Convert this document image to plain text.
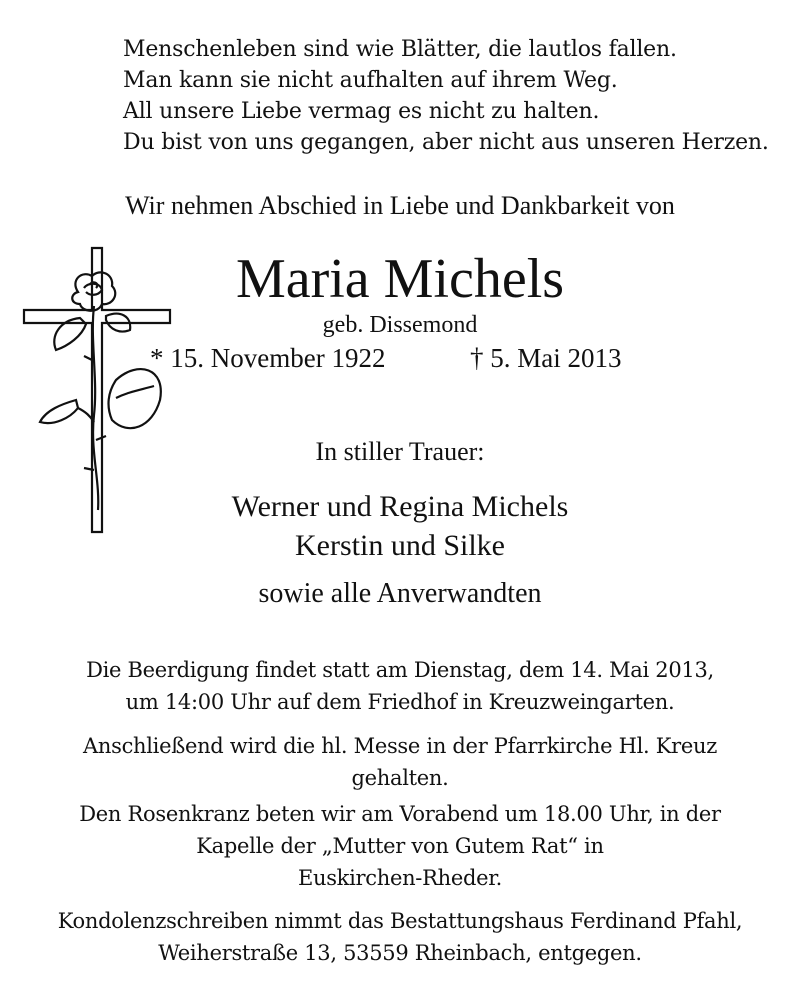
Menschenleben sind wie Blätter, die lautlos fallen.
Man kann sie nicht aufhalten auf ihrem Weg.
All unsere Liebe vermag es nicht zu halten.
Du bist von uns gegangen, aber nicht aus unseren Herzen.
Wir nehmen Abschied in Liebe und Dankbarkeit von
Maria Michels
geb. Dissemond
* 15. November 1922	† 5. Mai 2013
In stiller Trauer:
Werner und Regina Michels
Kerstin und Silke
sowie alle Anverwandten
Die Beerdigung findet statt am Dienstag, dem 14. Mai 2013,
um 14:00 Uhr auf dem Friedhof in Kreuzweingarten.
Anschließend wird die hl. Messe in der Pfarrkirche Hl. Kreuz
gehalten.
Den Rosenkranz beten wir am Vorabend um 18.00 Uhr, in der
Kapelle der „Mutter von Gutem Rat“ in
Euskirchen-Rheder.
Kondolenzschreiben nimmt das Bestattungshaus Ferdinand Pfahl,
Weiherstraße 13, 53559 Rheinbach, entgegen.
